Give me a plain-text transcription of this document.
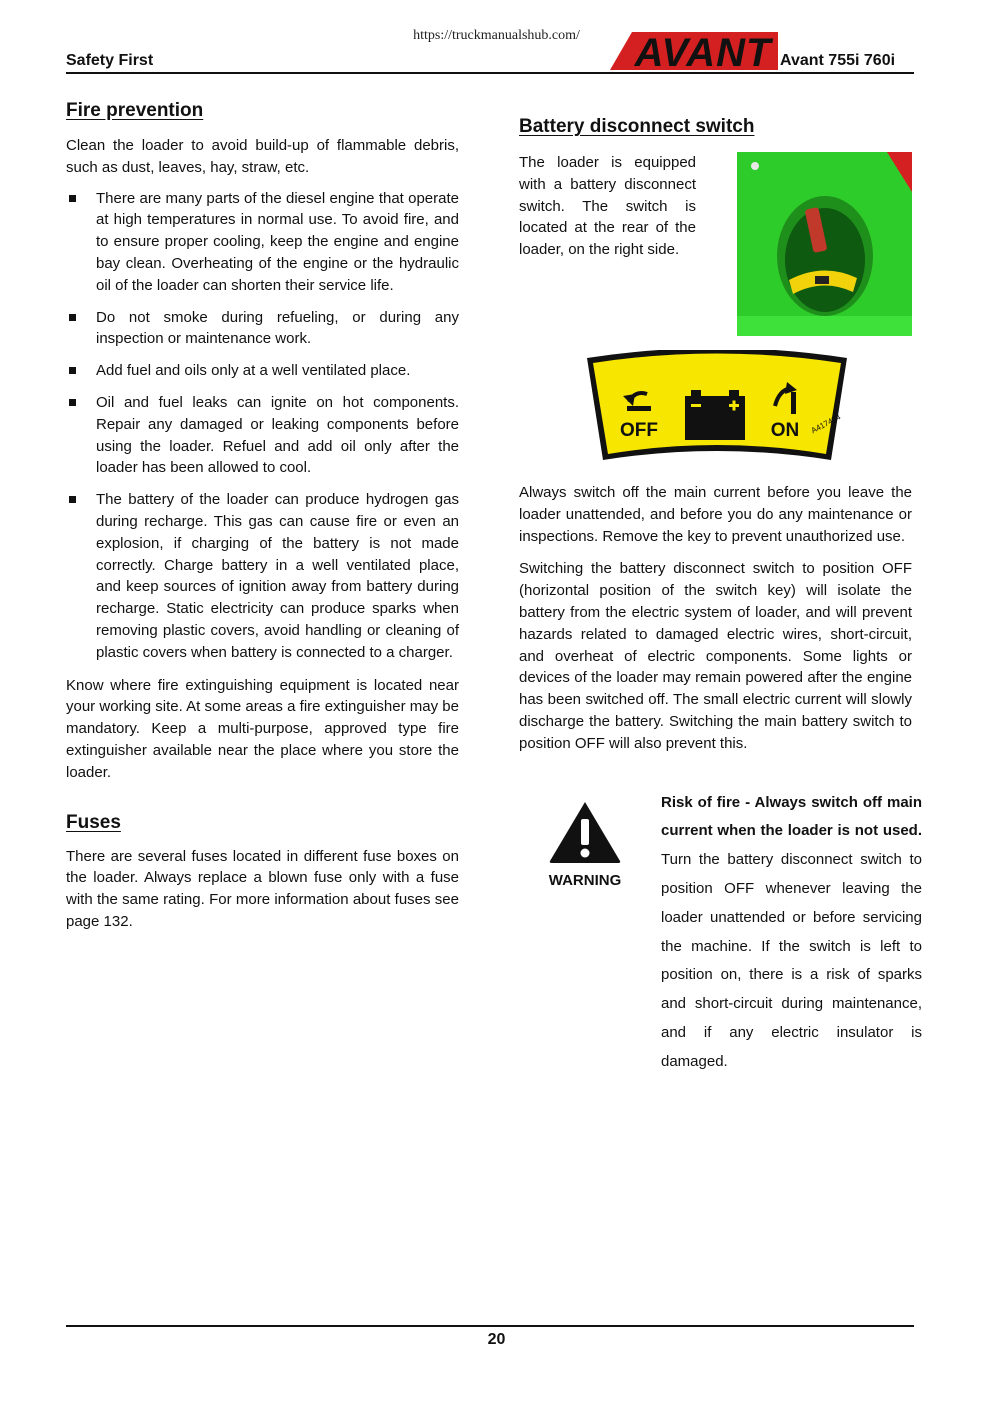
https://truckmanualshub.com/
Safety First	AVANT Avant 755i 760i
Fire prevention

Clean the loader to avoid build-up of flammable debris, such as dust, leaves, hay, straw, etc.

There are many parts of the diesel engine that operate at high temperatures in normal use. To avoid fire, and to ensure proper cooling, keep the engine and engine bay clean. Overheating of the engine or the hydraulic oil of the loader can shorten their service life.
Do not smoke during refueling, or during any inspection or maintenance work.
Add fuel and oils only at a well ventilated place.
Oil and fuel leaks can ignite on hot components. Repair any damaged or leaking components before using the loader. Refuel and add oil only after the loader has been allowed to cool.
The battery of the loader can produce hydrogen gas during recharge. This gas can cause fire or even an explosion, if charging of the battery is not made correctly. Charge battery in a well ventilated place, and keep sources of ignition away from battery during recharge. Static electricity can produce sparks when removing plastic covers, avoid handling or cleaning of plastic covers when battery is connected to a charger.

Know where fire extinguishing equipment is located near your working site. At some areas a fire extinguisher may be mandatory. Keep a multi-purpose, approved type fire extinguisher available near the place where you store the loader.

Fuses

There are several fuses located in different fuse boxes on the loader. Always replace a blown fuse only with a fuse with the same rating. For more information about fuses see page 132.

Battery disconnect switch

The loader is equipped with a battery disconnect switch. The switch is located at the rear of the loader, on the right side.

OFF	ON A417404

Always switch off the main current before you leave the loader unattended, and before you do any maintenance or inspections. Remove the key to prevent unauthorized use.

Switching the battery disconnect switch to position OFF (horizontal position of the switch key) will isolate the battery from the electric system of loader, and will prevent hazards related to damaged electric wires, short-circuit, and overheat of electric components. Some lights or devices of the loader may remain powered after the engine has been switched off. The small electric current will slowly discharge the battery. Switching the main battery switch to position OFF will also prevent this.

WARNING
Risk of fire - Always switch off main current when the loader is not used. Turn the battery disconnect switch to position OFF whenever leaving the loader unattended or before servicing the machine. If the switch is left to position on, there is a risk of sparks and short-circuit during maintenance, and if any electric insulator is damaged.
20
